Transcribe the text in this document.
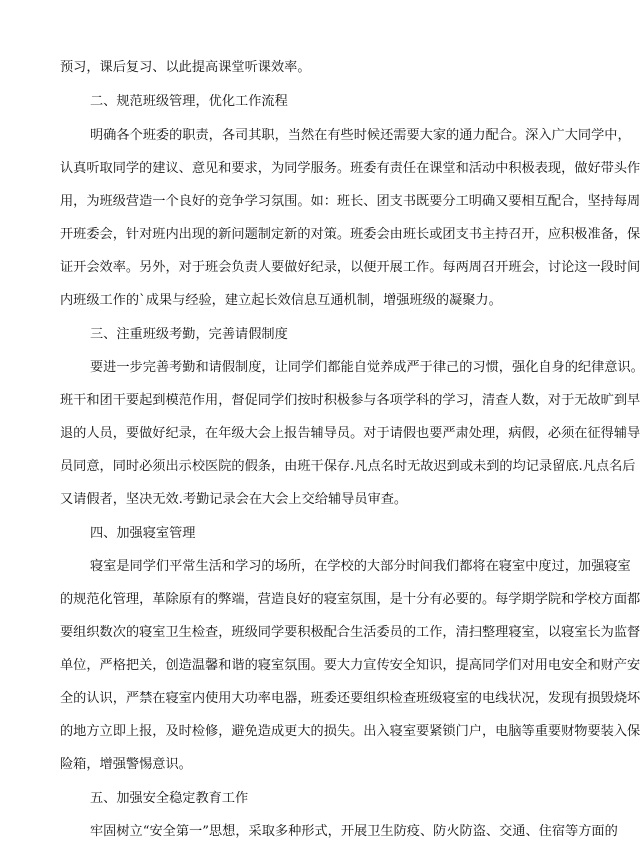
预习，课后复习、以此提高课堂听课效率。
二、规范班级管理，优化工作流程
明确各个班委的职责，各司其职，当然在有些时候还需要大家的通力配合。深入广大同学中，
认真听取同学的建议、意见和要求，为同学服务。班委有责任在课堂和活动中积极表现，做好带头作
用，为班级营造一个良好的竞争学习氛围。如：班长、团支书既要分工明确又要相互配合，坚持每周
开班委会，针对班内出现的新问题制定新的对策。班委会由班长或团支书主持召开，应积极准备，保
证开会效率。另外，对于班会负责人要做好纪录，以便开展工作。每两周召开班会，讨论这一段时间
内班级工作的`成果与经验，建立起长效信息互通机制，增强班级的凝聚力。
三、注重班级考勤，完善请假制度
要进一步完善考勤和请假制度，让同学们都能自觉养成严于律己的习惯，强化自身的纪律意识。
班干和团干要起到模范作用，督促同学们按时积极参与各项学科的学习，清查人数，对于无故旷到早
退的人员，要做好纪录，在年级大会上报告辅导员。对于请假也要严肃处理，病假，必须在征得辅导
员同意，同时必须出示校医院的假条，由班干保存.凡点名时无故迟到或未到的均记录留底.凡点名后
又请假者，坚决无效.考勤记录会在大会上交给辅导员审查。
四、加强寝室管理
寝室是同学们平常生活和学习的场所，在学校的大部分时间我们都将在寝室中度过，加强寝室
的规范化管理，革除原有的弊端，营造良好的寝室氛围，是十分有必要的。每学期学院和学校方面都
要组织数次的寝室卫生检查，班级同学要积极配合生活委员的工作，清扫整理寝室，以寝室长为监督
单位，严格把关，创造温馨和谐的寝室氛围。要大力宣传安全知识，提高同学们对用电安全和财产安
全的认识，严禁在寝室内使用大功率电器，班委还要组织检查班级寝室的电线状况，发现有损毁烧坏
的地方立即上报，及时检修，避免造成更大的损失。出入寝室要紧锁门户，电脑等重要财物要装入保
险箱，增强警惕意识。
五、加强安全稳定教育工作
牢固树立“安全第一”思想，采取多种形式，开展卫生防疫、防火防盗、交通、住宿等方面的
